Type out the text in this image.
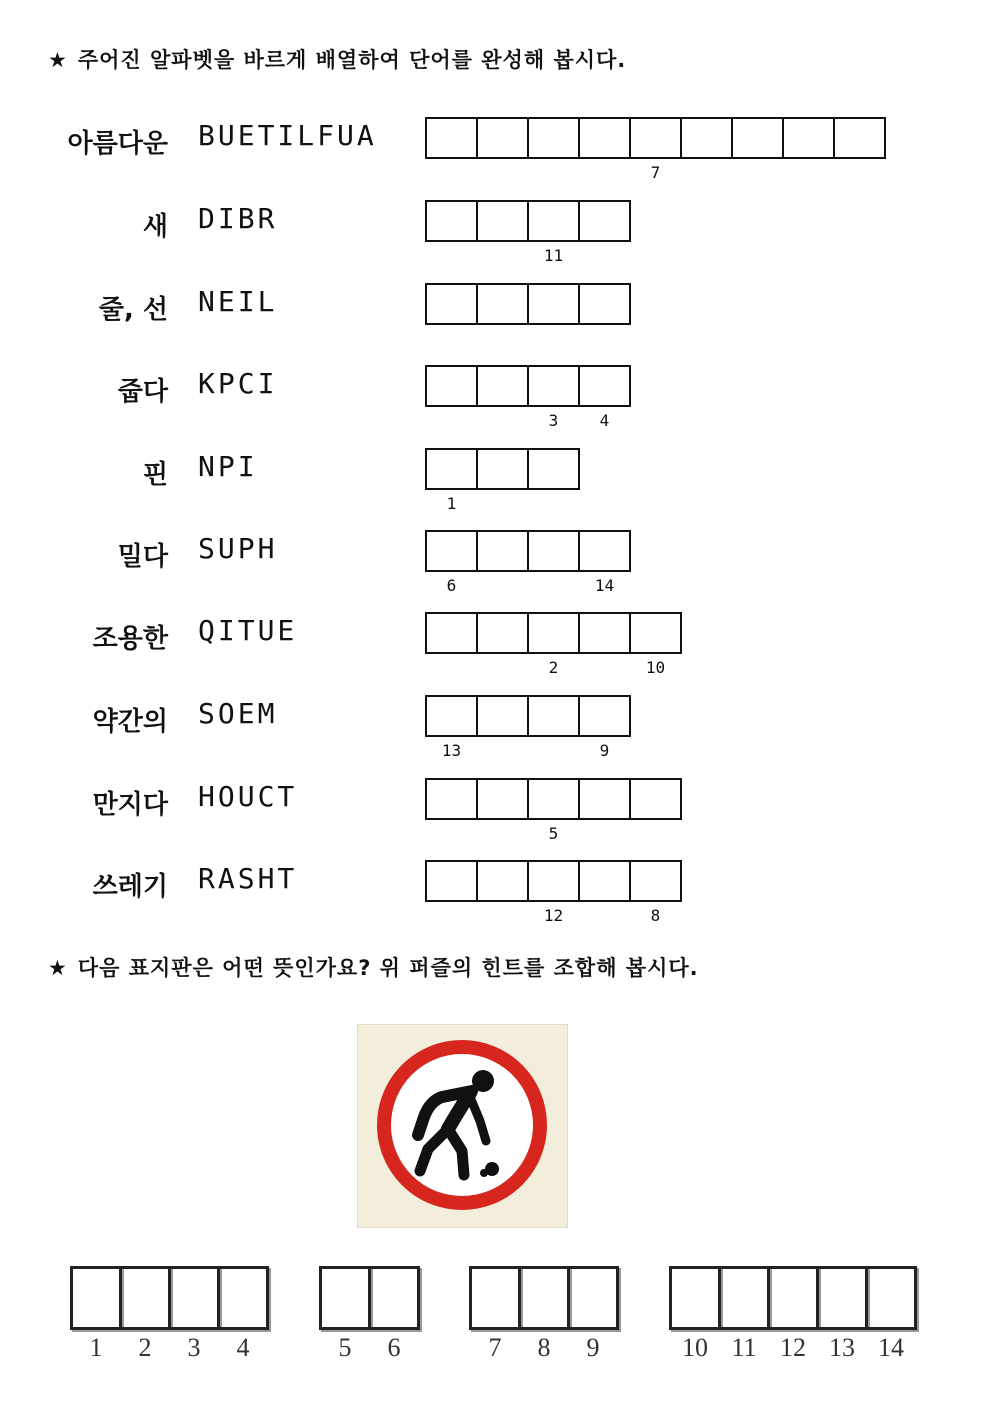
★ 주어진 알파벳을 바르게 배열하여 단어를 완성해 봅시다.
아름다운 BUETILFUA
7
새 DIBR
11
줄, 선 NEIL
줍다 KPCI
3	4
핀 NPI
1
밀다 SUPH
6	14
조용한 QITUE
2	10
약간의 SOEM
13	9
만지다 HOUCT
5
쓰레기 RASHT
12	8
★ 다음 표지판은 어떤 뜻인가요? 위 퍼즐의 힌트를 조합해 봅시다.
1	2	3	4	5	6	7	8	9	10 11 12 13 14
